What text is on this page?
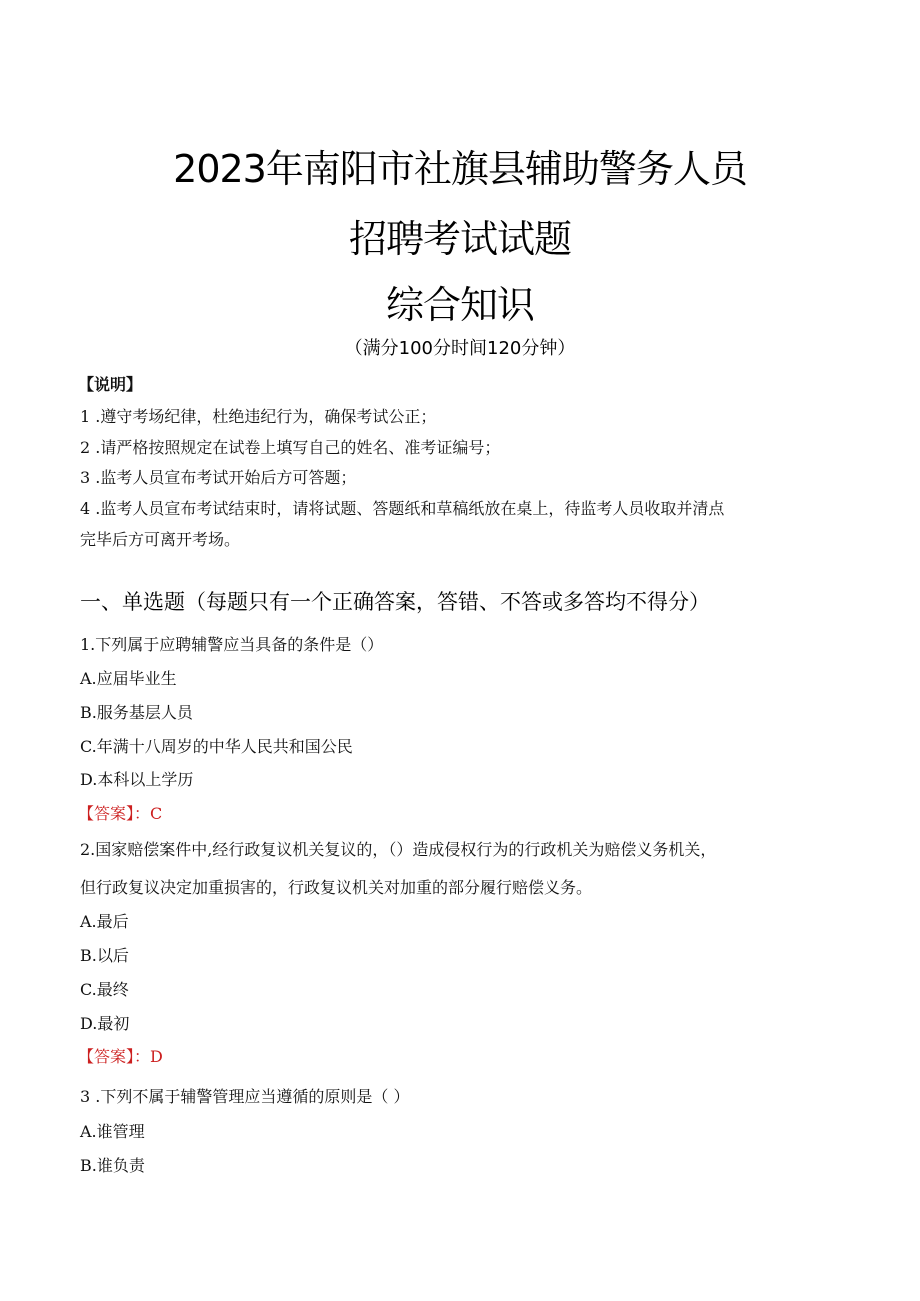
2023年南阳市社旗县辅助警务人员
招聘考试试题
综合知识
（满分100分时间120分钟）
【说明】
1 .遵守考场纪律，杜绝违纪行为，确保考试公正；
2 .请严格按照规定在试卷上填写自己的姓名、准考证编号；
3 .监考人员宣布考试开始后方可答题；
4 .监考人员宣布考试结束时，请将试题、答题纸和草稿纸放在桌上，待监考人员收取并清点
完毕后方可离开考场。
一、单选题（每题只有一个正确答案，答错、不答或多答均不得分）
1.下列属于应聘辅警应当具备的条件是（）
A.应届毕业生
B.服务基层人员
C.年满十八周岁的中华人民共和国公民
D.本科以上学历
【答案】：C
2.国家赔偿案件中,经行政复议机关复议的，（）造成侵权行为的行政机关为赔偿义务机关，
但行政复议决定加重损害的，行政复议机关对加重的部分履行赔偿义务。
A.最后
B.以后
C.最终
D.最初
【答案】：D
3 .下列不属于辅警管理应当遵循的原则是（ ）
A.谁管理
B.谁负责
